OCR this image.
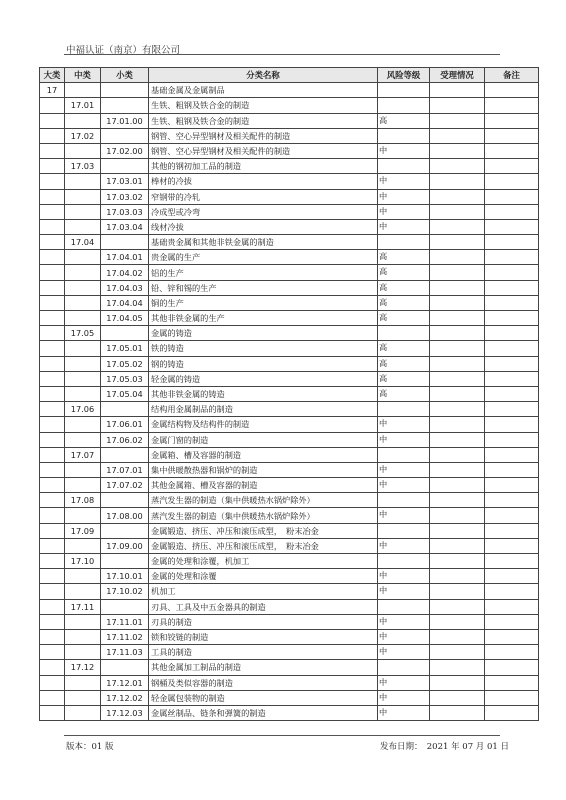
中福认证（南京）有限公司
大类	中类	小类	分类名称	风险等级	受理情况	备注
17			基础金属及金属制品			
	17.01		生铁、粗钢及铁合金的制造			
		17.01.00	生铁、粗钢及铁合金的制造	高		
	17.02		钢管、空心异型钢材及相关配件的制造			
		17.02.00	钢管、空心异型钢材及相关配件的制造	中		
	17.03		其他的钢初加工品的制造			
		17.03.01	棒材的冷拔	中		
		17.03.02	窄钢带的冷轧	中		
		17.03.03	冷成型或冷弯	中		
		17.03.04	线材冷拔	中		
	17.04		基础贵金属和其他非铁金属的制造			
		17.04.01	贵金属的生产	高		
		17.04.02	铝的生产	高		
		17.04.03	铅、锌和锡的生产	高		
		17.04.04	铜的生产	高		
		17.04.05	其他非铁金属的生产	高		
	17.05		金属的铸造			
		17.05.01	铁的铸造	高		
		17.05.02	钢的铸造	高		
		17.05.03	轻金属的铸造	高		
		17.05.04	其他非铁金属的铸造	高		
	17.06		结构用金属制品的制造			
		17.06.01	金属结构物及结构件的制造	中		
		17.06.02	金属门窗的制造	中		
	17.07		金属箱、槽及容器的制造			
		17.07.01	集中供暖散热器和锅炉的制造	中		
		17.07.02	其他金属箱、槽及容器的制造	中		
	17.08		蒸汽发生器的制造（集中供暖热水锅炉除外）			
		17.08.00	蒸汽发生器的制造（集中供暖热水锅炉除外）	中		
	17.09		金属锻造、挤压、冲压和滚压成型，　粉末冶金			
		17.09.00	金属锻造、挤压、冲压和滚压成型，　粉末冶金	中		
	17.10		金属的处理和涂覆，机加工			
		17.10.01	金属的处理和涂覆	中		
		17.10.02	机加工	中		
	17.11		刃具、工具及中五金器具的制造			
		17.11.01	刃具的制造	中		
		17.11.02	锁和铰链的制造	中		
		17.11.03	工具的制造	中		
	17.12		其他金属加工制品的制造			
		17.12.01	钢桶及类似容器的制造	中		
		17.12.02	轻金属包装物的制造	中		
		17.12.03	金属丝制品、链条和弹簧的制造	中		
版本：01 版	发布日期：　2021 年 07 月 01 日
